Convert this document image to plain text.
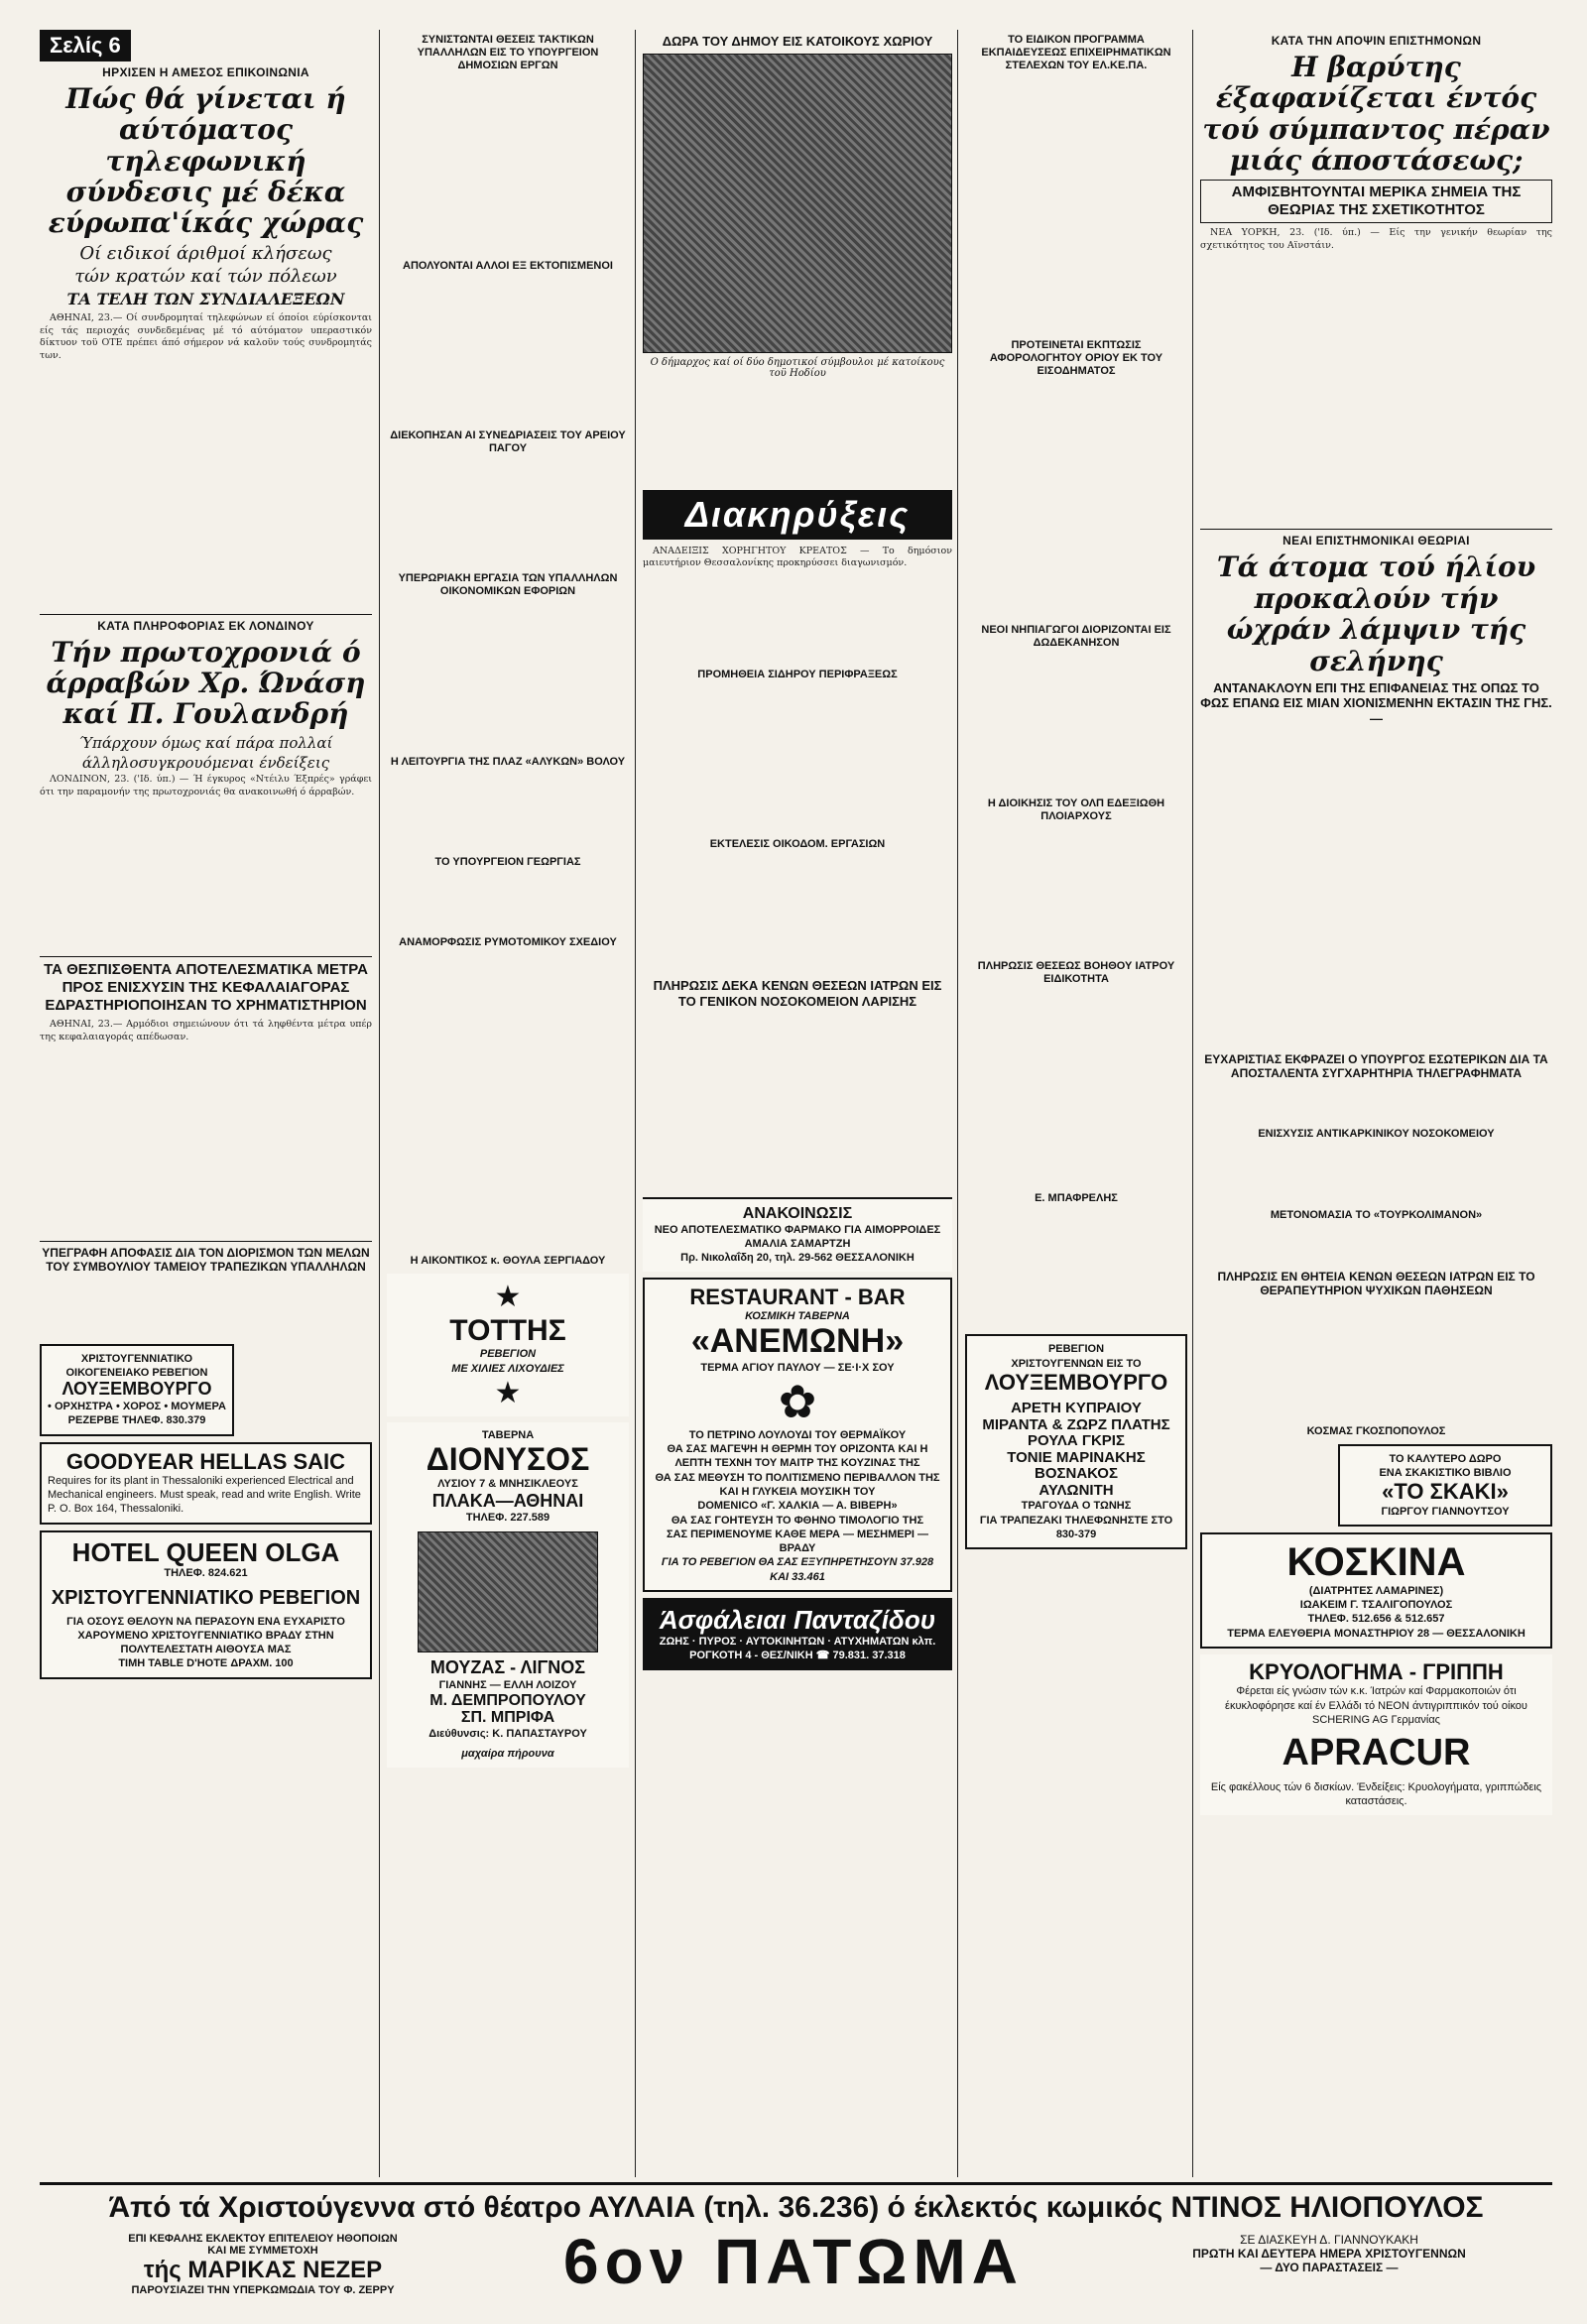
Σελίς 6
ΗΡΧΙΣΕΝ Η ΑΜΕΣΟΣ ΕΠΙΚΟΙΝΩΝΙΑ
Πώς θά γίνεται ή αύτόματος τηλεφωνική σύνδεσις μέ δέκα εύρωπα'ίκάς χώρας
Οί ειδικοί άριθμοί κλήσεως
τών κρατών καί τών πόλεων
ΤΑ ΤΕΛΗ ΤΩΝ ΣΥΝΔΙΑΛΕΞΕΩΝ

ΑΘΗΝΑΙ, 23.— Οί συνδρομηταί τηλεφώνων εί όποίοι εύρίσκονται είς τάς περιοχάς συνδεδεμένας μέ τό αύτόματον υπεραστικόν δίκτυον τοϋ ΟΤΕ πρέπει άπό σήμερον νά καλοϋν τούς συνδρομητάς των.

ΚΑΤΑ ΠΛΗΡΟΦΟΡΙΑΣ ΕΚ ΛΟΝΔΙΝΟΥ
Τήν πρωτοχρονιά ό άρραβών Χρ. Ώνάση καί Π. Γουλανδρή
Ύπάρχουν όμως καί πάρα πολλαί
άλληλοσυγκρουόμεναι ένδείξεις

ΛΟΝΔΙΝΟΝ, 23. ('Ιδ. ύπ.) — Ή έγκυρος «Ντέιλυ Έξπρές» γράφει ότι την παραμονήν της πρωτοχρονιάς θα ανακοινωθή ό άρραβών.

ΤΑ ΘΕΣΠΙΣΘΕΝΤΑ ΑΠΟΤΕΛΕΣΜΑΤΙΚΑ ΜΕΤΡΑ ΠΡΟΣ ΕΝΙΣΧΥΣΙΝ ΤΗΣ ΚΕΦΑΛΑΙΑΓΟΡΑΣ ΕΔΡΑΣΤΗΡΙΟΠΟΙΗΣΑΝ ΤΟ ΧΡΗΜΑΤΙΣΤΗΡΙΟΝ

ΑΘΗΝΑΙ, 23.— Αρμόδιοι σημειώνουν ότι τά ληφθέντα μέτρα υπέρ της κεφαλαιαγοράς απέδωσαν.

ΥΠΕΓΡΑΦΗ ΑΠΟΦΑΣΙΣ ΔΙΑ ΤΟΝ ΔΙΟΡΙΣΜΟΝ ΤΩΝ ΜΕΛΩΝ ΤΟΥ ΣΥΜΒΟΥΛΙΟΥ ΤΑΜΕΙΟΥ ΤΡΑΠΕΖΙΚΩΝ ΥΠΑΛΛΗΛΩΝ
ΧΡΙΣΤΟΥΓΕΝΝΙΑΤΙΚΟ
ΟΙΚΟΓΕΝΕΙΑΚΟ ΡΕΒΕΓΙΟΝ
ΛΟΥΞΕΜΒΟΥΡΓΟ
• ΟΡΧΗΣΤΡΑ • ΧΟΡΟΣ • ΜΟΥΜΕΡΑ
ΡΕΖΕΡΒΕ ΤΗΛΕΦ. 830.379
GOODYEAR HELLAS SAIC
Requires for its plant in Thessaloniki experienced Electrical and Mechanical engineers. Must speak, read and write English. Write P. O. Box 164, Thessaloniki.
HOTEL QUEEN OLGA
ΤΗΛΕΦ. 824.621
ΧΡΙΣΤΟΥΓΕΝΝΙΑΤΙΚΟ ΡΕΒΕΓΙΟΝ
ΓΙΑ ΟΣΟΥΣ ΘΕΛΟΥΝ ΝΑ ΠΕΡΑΣΟΥΝ ΕΝΑ ΕΥΧΑΡΙΣΤΟ ΧΑΡΟΥΜΕΝΟ ΧΡΙΣΤΟΥΓΕΝΝΙΑΤΙΚΟ ΒΡΑΔΥ ΣΤΗΝ ΠΟΛΥΤΕΛΕΣΤΑΤΗ ΑΙΘΟΥΣΑ ΜΑΣ
ΤΙΜΗ TABLE D'HOTE ΔΡΑΧΜ. 100
ΣΥΝΙΣΤΩΝΤΑΙ ΘΕΣΕΙΣ ΤΑΚΤΙΚΩΝ ΥΠΑΛΛΗΛΩΝ ΕΙΣ ΤΟ ΥΠΟΥΡΓΕΙΟΝ ΔΗΜΟΣΙΩΝ ΕΡΓΩΝ
ΑΠΟΛΥΟΝΤΑΙ ΑΛΛΟΙ ΕΞ ΕΚΤΟΠΙΣΜΕΝΟΙ
ΔΙΕΚΟΠΗΣΑΝ ΑΙ ΣΥΝΕΔΡΙΑΣΕΙΣ ΤΟΥ ΑΡΕΙΟΥ ΠΑΓΟΥ
ΥΠΕΡΩΡΙΑΚΗ ΕΡΓΑΣΙΑ ΤΩΝ ΥΠΑΛΛΗΛΩΝ ΟΙΚΟΝΟΜΙΚΩΝ ΕΦΟΡΙΩΝ
Η ΛΕΙΤΟΥΡΓΙΑ ΤΗΣ ΠΛΑΖ «ΑΛΥΚΩΝ» ΒΟΛΟΥ
ΤΟ ΥΠΟΥΡΓΕΙΟΝ ΓΕΩΡΓΙΑΣ
ΑΝΑΜΟΡΦΩΣΙΣ ΡΥΜΟΤΟΜΙΚΟΥ ΣΧΕΔΙΟΥ
Η ΑΙΚΟΝΤΙΚΟΣ κ. ΘΟΥΛΑ ΣΕΡΓΙΑΔΟΥ
★
ΤΟΤΤΗΣ
ΡΕΒΕΓΙΟΝ
ΜΕ ΧΙΛΙΕΣ ΛΙΧΟΥΔΙΕΣ
★
ΤΑΒΕΡΝΑ
ΔΙΟΝΥΣΟΣ
ΛΥΣΙΟΥ 7 & ΜΝΗΣΙΚΛΕΟΥΣ
ΠΛΑΚΑ—ΑΘΗΝΑΙ
ΤΗΛΕΦ. 227.589
ΜΟΥΖΑΣ - ΛΙΓΝΟΣ
ΓΙΑΝΝΗΣ — ΕΛΛΗ ΛΟΙΖΟΥ
Μ. ΔΕΜΠΡΟΠΟΥΛΟΥ
ΣΠ. ΜΠΡΙΦΑ
Διεύθυνσις: Κ. ΠΑΠΑΣΤΑΥΡΟΥ
μαχαίρα πήρουνα
ΔΩΡΑ ΤΟΥ ΔΗΜΟΥ ΕΙΣ ΚΑΤΟΙΚΟΥΣ ΧΩΡΙΟΥ
Ο δήμαρχος καί οί δύο δημοτικοί σύμβουλοι μέ κατοίκους τοϋ Ηοδίου
Διακηρύξεις

ΑΝΑΔΕΙΞΙΣ ΧΟΡΗΓΗΤΟΥ ΚΡΕΑΤΟΣ — Το δημόσιον μαιευτήριον Θεσσαλονίκης προκηρύσσει διαγωνισμόν.

ΠΡΟΜΗΘΕΙΑ ΣΙΔΗΡΟΥ ΠΕΡΙΦΡΑΞΕΩΣ
ΕΚΤΕΛΕΣΙΣ ΟΙΚΟΔΟΜ. ΕΡΓΑΣΙΩΝ
ΠΛΗΡΩΣΙΣ ΔΕΚΑ ΚΕΝΩΝ ΘΕΣΕΩΝ ΙΑΤΡΩΝ ΕΙΣ ΤΟ ΓΕΝΙΚΟΝ ΝΟΣΟΚΟΜΕΙΟΝ ΛΑΡΙΣΗΣ
ΑΝΑΚΟΙΝΩΣΙΣ
ΝΕΟ ΑΠΟΤΕΛΕΣΜΑΤΙΚΟ ΦΑΡΜΑΚΟ ΓΙΑ ΑΙΜΟΡΡΟΙΔΕΣ
ΑΜΑΛΙΑ ΣΑΜΑΡΤΖΗ
Πρ. Νικολαΐδη 20, τηλ. 29-562 ΘΕΣΣΑΛΟΝΙΚΗ
RESTAURANT - BAR
ΚΟΣΜΙΚΗ ΤΑΒΕΡΝΑ
«ΑΝΕΜΩΝΗ»
ΤΕΡΜΑ ΑΓΙΟΥ ΠΑΥΛΟΥ — ΣΕ·Ι·Χ ΣΟΥ
✿
ΤΟ ΠΕΤΡΙΝΟ ΛΟΥΛΟΥΔΙ ΤΟΥ ΘΕΡΜΑΪΚΟΥ
ΘΑ ΣΑΣ ΜΑΓΕΨΗ Η ΘΕΡΜΗ ΤΟΥ ΟΡΙΖΟΝΤΑ ΚΑΙ Η ΛΕΠΤΗ ΤΕΧΝΗ ΤΟΥ ΜΑΙΤΡ ΤΗΣ ΚΟΥΖΙΝΑΣ ΤΗΣ
ΘΑ ΣΑΣ ΜΕΘΥΣΗ ΤΟ ΠΟΛΙΤΙΣΜΕΝΟ ΠΕΡΙΒΑΛΛΟΝ ΤΗΣ ΚΑΙ Η ΓΛΥΚΕΙΑ ΜΟΥΣΙΚΗ ΤΟΥ
DOMENICO «Γ. ΧΑΛΚΙΑ — Α. ΒΙΒΕΡΗ»
ΘΑ ΣΑΣ ΓΟΗΤΕΥΣΗ ΤΟ ΦΘΗΝΟ ΤΙΜΟΛΟΓΙΟ ΤΗΣ
ΣΑΣ ΠΕΡΙΜΕΝΟΥΜΕ ΚΑΘΕ ΜΕΡΑ — ΜΕΣΗΜΕΡΙ — ΒΡΑΔΥ
ΓΙΑ ΤΟ ΡΕΒΕΓΙΟΝ ΘΑ ΣΑΣ ΕΞΥΠΗΡΕΤΗΣΟΥΝ 37.928 ΚΑΙ 33.461
Άσφάλειαι Πανταζίδου
ΖΩΗΣ · ΠΥΡΟΣ · ΑΥΤΟΚΙΝΗΤΩΝ · ΑΤΥΧΗΜΑΤΩΝ κλπ.
ΡΟΓΚΟΤΗ 4 - ΘΕΣ/ΝΙΚΗ ☎ 79.831. 37.318
ΤΟ ΕΙΔΙΚΟΝ ΠΡΟΓΡΑΜΜΑ ΕΚΠΑΙΔΕΥΣΕΩΣ ΕΠΙΧΕΙΡΗΜΑΤΙΚΩΝ ΣΤΕΛΕΧΩΝ ΤΟΥ ΕΛ.ΚΕ.ΠΑ.
ΠΡΟΤΕΙΝΕΤΑΙ ΕΚΠΤΩΣΙΣ ΑΦΟΡΟΛΟΓΗΤΟΥ ΟΡΙΟΥ ΕΚ ΤΟΥ ΕΙΣΟΔΗΜΑΤΟΣ
ΝΕΟΙ ΝΗΠΙΑΓΩΓΟΙ ΔΙΟΡΙΖΟΝΤΑΙ ΕΙΣ ΔΩΔΕΚΑΝΗΣΟΝ
Η ΔΙΟΙΚΗΣΙΣ ΤΟΥ ΟΛΠ ΕΔΕΞΙΩΘΗ ΠΛΟΙΑΡΧΟΥΣ
ΠΛΗΡΩΣΙΣ ΘΕΣΕΩΣ ΒΟΗΘΟΥ ΙΑΤΡΟΥ ΕΙΔΙΚΟΤΗΤΑ
Ε. ΜΠΑΦΡΕΛΗΣ
ΡΕΒΕΓΙΟΝ
ΧΡΙΣΤΟΥΓΕΝΝΩΝ ΕΙΣ ΤΟ
ΛΟΥΞΕΜΒΟΥΡΓΟ
ΑΡΕΤΗ ΚΥΠΡΑΙΟΥ
ΜΙΡΑΝΤΑ & ΖΩΡΖ ΠΛΑΤΗΣ
ΡΟΥΛΑ ΓΚΡΙΣ
ΤΟΝΙΕ ΜΑΡΙΝΑΚΗΣ
ΒΟΣΝΑΚΟΣ
ΑΥΛΩΝΙΤΗ
ΤΡΑΓΟΥΔΑ Ο ΤΩΝΗΣ
ΓΙΑ ΤΡΑΠΕΖΑΚΙ ΤΗΛΕΦΩΝΗΣΤΕ ΣΤΟ 830-379
ΚΑΤΑ ΤΗΝ ΑΠΟΨΙΝ ΕΠΙΣΤΗΜΟΝΩΝ
Η βαρύτης έξαφανίζεται έντός τού σύμπαντος πέραν μιάς άποστάσεως;
ΑΜΦΙΣΒΗΤΟΥΝΤΑΙ ΜΕΡΙΚΑ ΣΗΜΕΙΑ ΤΗΣ ΘΕΩΡΙΑΣ ΤΗΣ ΣΧΕΤΙΚΟΤΗΤΟΣ

ΝΕΑ ΥΟΡΚΗ, 23. ('Ιδ. ύπ.) — Είς την γενικήν θεωρίαν της σχετικότητος του Αϊνστάιν.

ΝΕΑΙ ΕΠΙΣΤΗΜΟΝΙΚΑΙ ΘΕΩΡΙΑΙ
Τά άτομα τού ήλίου προκαλούν τήν ώχράν λάμψιν τής σελήνης
ΑΝΤΑΝΑΚΛΟΥΝ ΕΠΙ ΤΗΣ ΕΠΙΦΑΝΕΙΑΣ ΤΗΣ ΟΠΩΣ ΤΟ ΦΩΣ ΕΠΑΝΩ ΕΙΣ ΜΙΑΝ ΧΙΟΝΙΣΜΕΝΗΝ ΕΚΤΑΣΙΝ ΤΗΣ ΓΗΣ.—
ΕΥΧΑΡΙΣΤΙΑΣ ΕΚΦΡΑΖΕΙ Ο ΥΠΟΥΡΓΟΣ ΕΣΩΤΕΡΙΚΩΝ ΔΙΑ ΤΑ ΑΠΟΣΤΑΛΕΝΤΑ ΣΥΓΧΑΡΗΤΗΡΙΑ ΤΗΛΕΓΡΑΦΗΜΑΤΑ
ΕΝΙΣΧΥΣΙΣ ΑΝΤΙΚΑΡΚΙΝΙΚΟΥ ΝΟΣΟΚΟΜΕΙΟΥ
ΜΕΤΟΝΟΜΑΣΙΑ ΤΟ «ΤΟΥΡΚΟΛΙΜΑΝΟΝ»
ΠΛΗΡΩΣΙΣ ΕΝ ΘΗΤΕΙΑ ΚΕΝΩΝ ΘΕΣΕΩΝ ΙΑΤΡΩΝ ΕΙΣ ΤΟ ΘΕΡΑΠΕΥΤΗΡΙΟΝ ΨΥΧΙΚΩΝ ΠΑΘΗΣΕΩΝ
ΚΟΣΜΑΣ ΓΚΟΣΠΟΠΟΥΛΟΣ
ΤΟ ΚΑΛΥΤΕΡΟ ΔΩΡΟ
ΕΝΑ ΣΚΑΚΙΣΤΙΚΟ ΒΙΒΛΙΟ
«ΤΟ ΣΚΑΚΙ»
ΓΙΩΡΓΟΥ ΓΙΑΝΝΟΥΤΣΟΥ
ΚΟΣΚΙΝΑ
(ΔΙΑΤΡΗΤΕΣ ΛΑΜΑΡΙΝΕΣ)
ΙΩΑΚΕΙΜ Γ. ΤΣΑΛΙΓΟΠΟΥΛΟΣ
ΤΗΛΕΦ. 512.656 & 512.657
ΤΕΡΜΑ ΕΛΕΥΘΕΡΙΑ ΜΟΝΑΣΤΗΡΙΟΥ 28 — ΘΕΣΣΑΛΟΝΙΚΗ
ΚΡΥΟΛΟΓΗΜΑ - ΓΡΙΠΠΗ
Φέρεται είς γνώσιν τών κ.κ. Ίατρών καί Φαρμακοποιών ότι έκυκλοφόρησε καί έν Ελλάδι τό NEON άντιγριππικόν τού οίκου SCHERING AG Γερμανίας
APRACUR
Είς φακέλλους τών 6 δισκίων. Ένδείξεις: Κρυολογήματα, γριππώδεις καταστάσεις.
Άπό τά Χριστούγεννα στό θέατρο ΑΥΛΑΙΑ (τηλ. 36.236) ό έκλεκτός κωμικός ΝΤΙΝΟΣ ΗΛΙΟΠΟΥΛΟΣ
ΕΠΙ ΚΕΦΑΛΗΣ ΕΚΛΕΚΤΟΥ ΕΠΙΤΕΛΕΙΟΥ ΗΘΟΠΟΙΩΝ
ΚΑΙ ΜΕ ΣΥΜΜΕΤΟΧΗ
τής ΜΑΡΙΚΑΣ ΝΕΖΕΡ
ΠΑΡΟΥΣΙΑΖΕΙ ΤΗΝ ΥΠΕΡΚΩΜΩΔΙΑ ΤΟΥ Φ. ΖΕΡΡΥ	6ον ΠΑΤΩΜΑ	ΣΕ ΔΙΑΣΚΕΥΗ Δ. ΓΙΑΝΝΟΥΚΑΚΗ
ΠΡΩΤΗ ΚΑΙ ΔΕΥΤΕΡΑ ΗΜΕΡΑ ΧΡΙΣΤΟΥΓΕΝΝΩΝ
— ΔΥΟ ΠΑΡΑΣΤΑΣΕΙΣ —
